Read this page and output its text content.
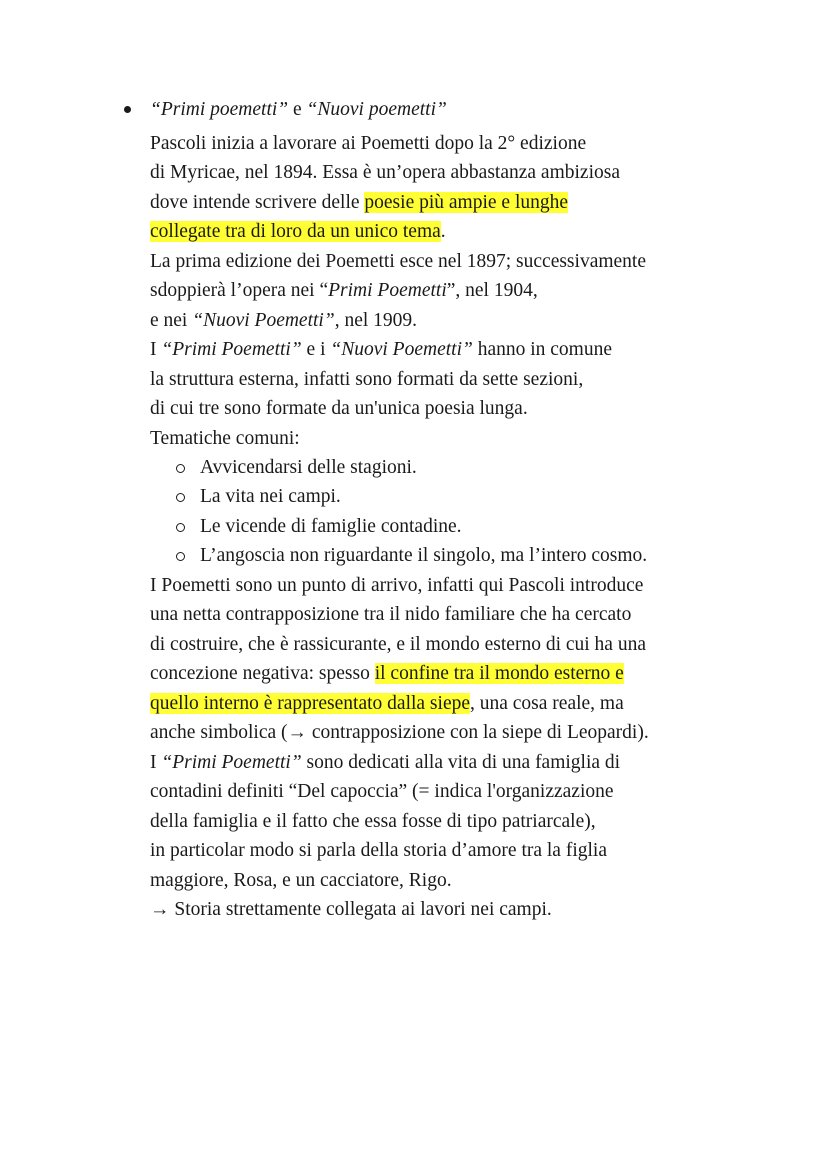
“Primi poemetti” e “Nuovi poemetti”
Pascoli inizia a lavorare ai Poemetti dopo la 2° edizione
di Myricae, nel 1894. Essa è un’opera abbastanza ambiziosa
dove intende scrivere delle poesie più ampie e lunghe
collegate tra di loro da un unico tema.
La prima edizione dei Poemetti esce nel 1897; successivamente
sdoppierà l’opera nei “Primi Poemetti”, nel 1904,
e nei “Nuovi Poemetti”, nel 1909.
I “Primi Poemetti” e i “Nuovi Poemetti” hanno in comune
la struttura esterna, infatti sono formati da sette sezioni,
di cui tre sono formate da un'unica poesia lunga.
Tematiche comuni:
Avvicendarsi delle stagioni.
La vita nei campi.
Le vicende di famiglie contadine.
L’angoscia non riguardante il singolo, ma l’intero cosmo.
I Poemetti sono un punto di arrivo, infatti qui Pascoli introduce
una netta contrapposizione tra il nido familiare che ha cercato
di costruire, che è rassicurante, e il mondo esterno di cui ha una
concezione negativa: spesso il confine tra il mondo esterno e
quello interno è rappresentato dalla siepe, una cosa reale, ma
anche simbolica (→ contrapposizione con la siepe di Leopardi).
I “Primi Poemetti” sono dedicati alla vita di una famiglia di
contadini definiti “Del capoccia” (= indica l'organizzazione
della famiglia e il fatto che essa fosse di tipo patriarcale),
in particolar modo si parla della storia d’amore tra la figlia
maggiore, Rosa, e un cacciatore, Rigo.
→ Storia strettamente collegata ai lavori nei campi.
